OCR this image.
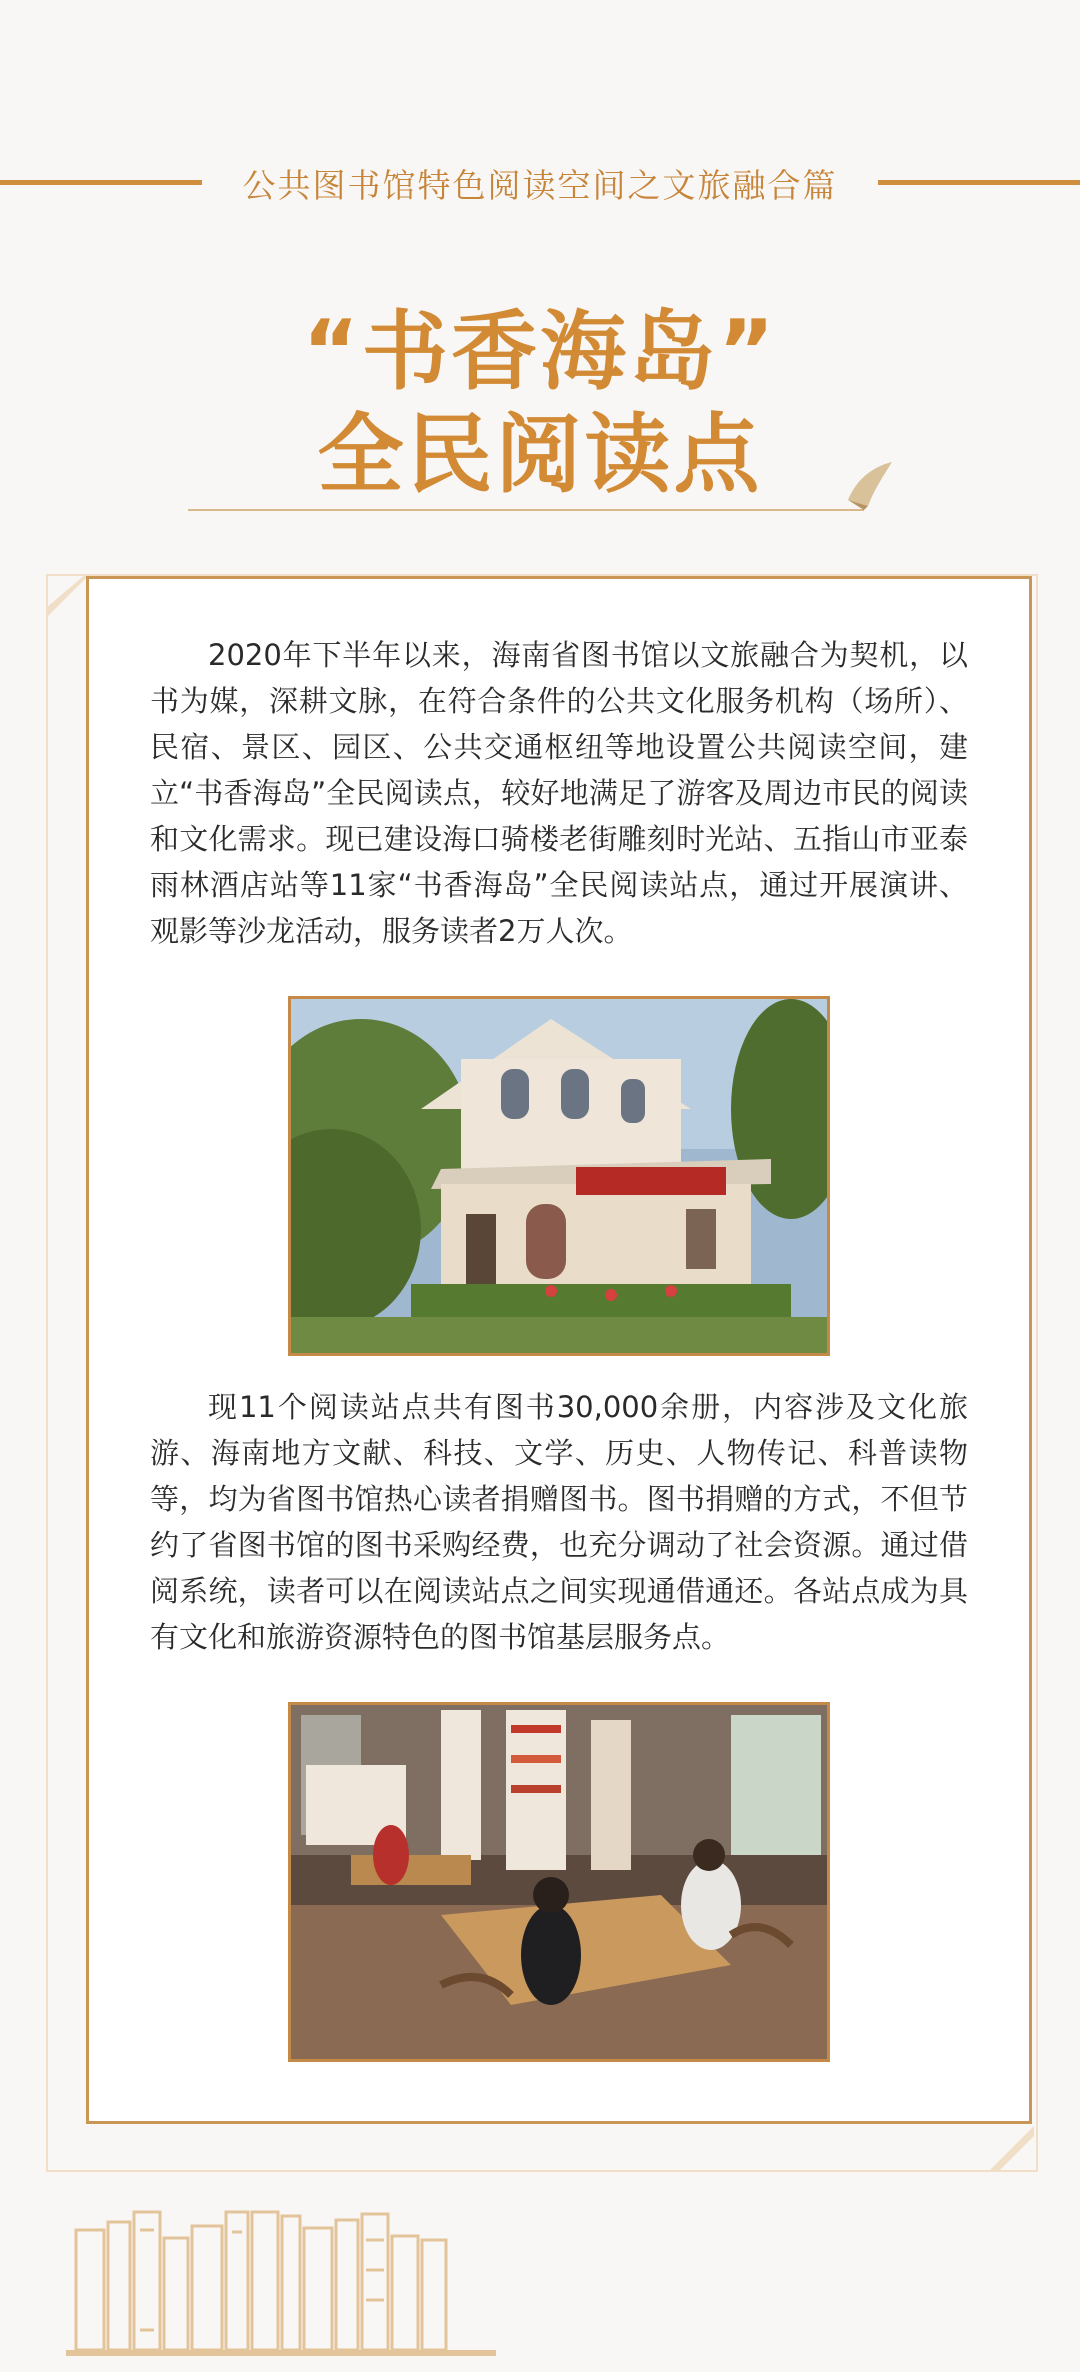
公共图书馆特色阅读空间之文旅融合篇
“书香海岛”
全民阅读点
2020年下半年以来，海南省图书馆以文旅融合为契机，以书为媒，深耕文脉，在符合条件的公共文化服务机构（场所）、民宿、景区、园区、公共交通枢纽等地设置公共阅读空间，建立“书香海岛”全民阅读点，较好地满足了游客及周边市民的阅读和文化需求。现已建设海口骑楼老街雕刻时光站、五指山市亚泰雨林酒店站等11家“书香海岛”全民阅读站点，通过开展演讲、观影等沙龙活动，服务读者2万人次。
现11个阅读站点共有图书30,000余册，内容涉及文化旅游、海南地方文献、科技、文学、历史、人物传记、科普读物等，均为省图书馆热心读者捐赠图书。图书捐赠的方式，不但节约了省图书馆的图书采购经费，也充分调动了社会资源。通过借阅系统，读者可以在阅读站点之间实现通借通还。各站点成为具有文化和旅游资源特色的图书馆基层服务点。
